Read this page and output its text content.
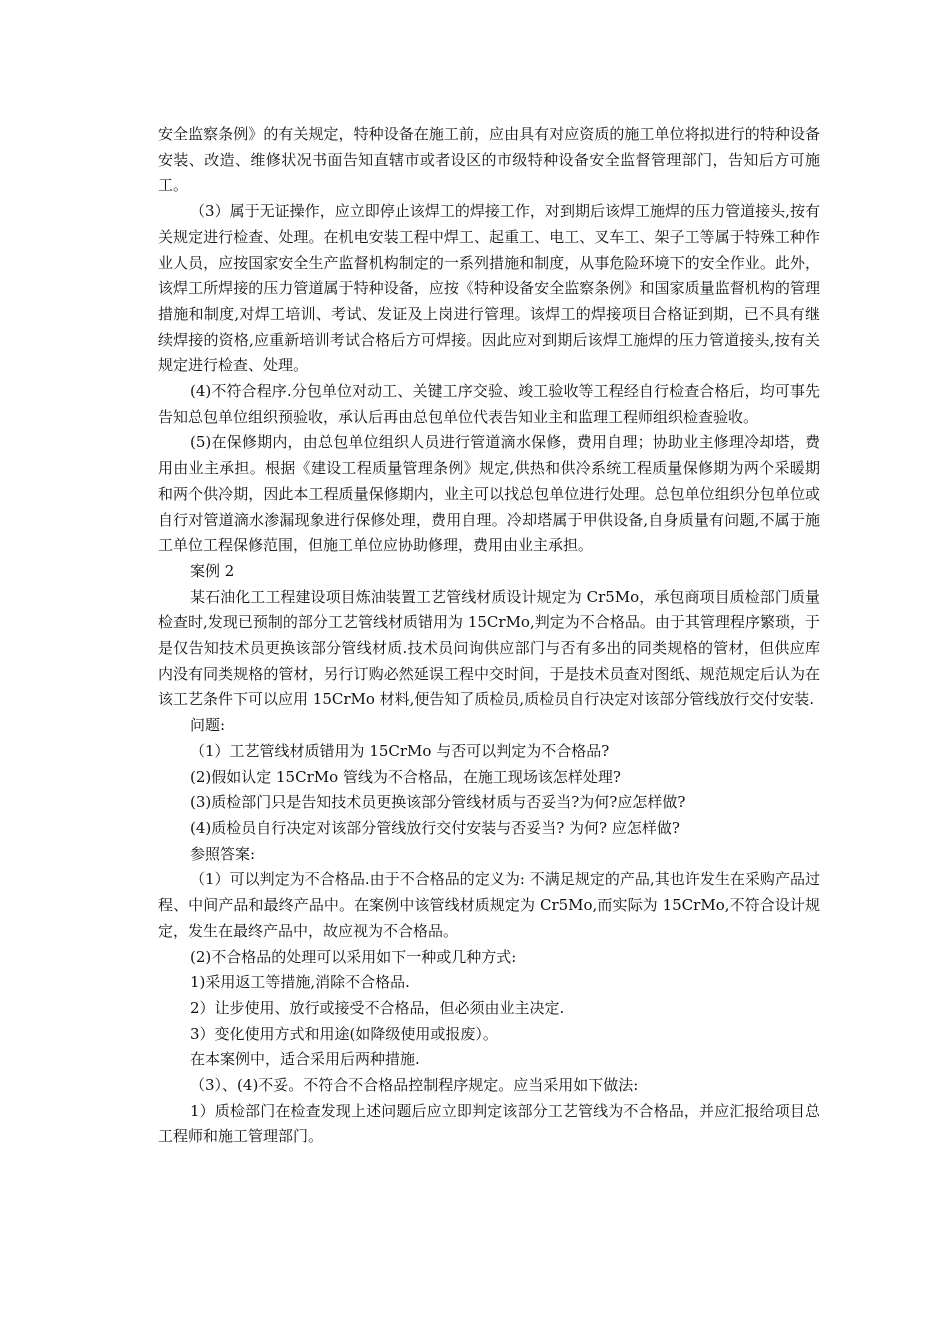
安全监察条例》的有关规定，特种设备在施工前，应由具有对应资质的施工单位将拟进行的特种设备安装、改造、维修状况书面告知直辖市或者设区的市级特种设备安全监督管理部门，告知后方可施工。

（3）属于无证操作，应立即停止该焊工的焊接工作，对到期后该焊工施焊的压力管道接头,按有关规定进行检查、处理。在机电安装工程中焊工、起重工、电工、叉车工、架子工等属于特殊工种作业人员，应按国家安全生产监督机构制定的一系列措施和制度，从事危险环境下的安全作业。此外，该焊工所焊接的压力管道属于特种设备，应按《特种设备安全监察条例》和国家质量监督机构的管理措施和制度,对焊工培训、考试、发证及上岗进行管理。该焊工的焊接项目合格证到期，已不具有继续焊接的资格,应重新培训考试合格后方可焊接。因此应对到期后该焊工施焊的压力管道接头,按有关规定进行检查、处理。

(4)不符合程序.分包单位对动工、关键工序交验、竣工验收等工程经自行检查合格后，均可事先告知总包单位组织预验收，承认后再由总包单位代表告知业主和监理工程师组织检查验收。

(5)在保修期内，由总包单位组织人员进行管道滴水保修，费用自理；协助业主修理冷却塔，费用由业主承担。根据《建设工程质量管理条例》规定,供热和供冷系统工程质量保修期为两个采暖期和两个供冷期，因此本工程质量保修期内，业主可以找总包单位进行处理。总包单位组织分包单位或自行对管道滴水渗漏现象进行保修处理，费用自理。冷却塔属于甲供设备,自身质量有问题,不属于施工单位工程保修范围，但施工单位应协助修理，费用由业主承担。

案例 2

某石油化工工程建设项目炼油装置工艺管线材质设计规定为 Cr5Mo，承包商项目质检部门质量检查时,发现已预制的部分工艺管线材质错用为 15CrMo,判定为不合格品。由于其管理程序繁琐，于是仅告知技术员更换该部分管线材质.技术员问询供应部门与否有多出的同类规格的管材，但供应库内没有同类规格的管材，另行订购必然延误工程中交时间，于是技术员查对图纸、规范规定后认为在该工艺条件下可以应用 15CrMo 材料,便告知了质检员,质检员自行决定对该部分管线放行交付安装.

问题:

（1）工艺管线材质错用为 15CrMo 与否可以判定为不合格品?

(2)假如认定 15CrMo 管线为不合格品，在施工现场该怎样处理?

(3)质检部门只是告知技术员更换该部分管线材质与否妥当?为何?应怎样做?

(4)质检员自行决定对该部分管线放行交付安装与否妥当? 为何? 应怎样做?

参照答案:

（1）可以判定为不合格品.由于不合格品的定义为: 不满足规定的产品,其也许发生在采购产品过程、中间产品和最终产品中。在案例中该管线材质规定为 Cr5Mo,而实际为 15CrMo,不符合设计规定，发生在最终产品中，故应视为不合格品。

(2)不合格品的处理可以采用如下一种或几种方式:

1)采用返工等措施,消除不合格品.

2）让步使用、放行或接受不合格品，但必须由业主决定.

3）变化使用方式和用途(如降级使用或报废）。

在本案例中，适合采用后两种措施.

（3）、(4)不妥。不符合不合格品控制程序规定。应当采用如下做法:

1）质检部门在检查发现上述问题后应立即判定该部分工艺管线为不合格品，并应汇报给项目总工程师和施工管理部门。
